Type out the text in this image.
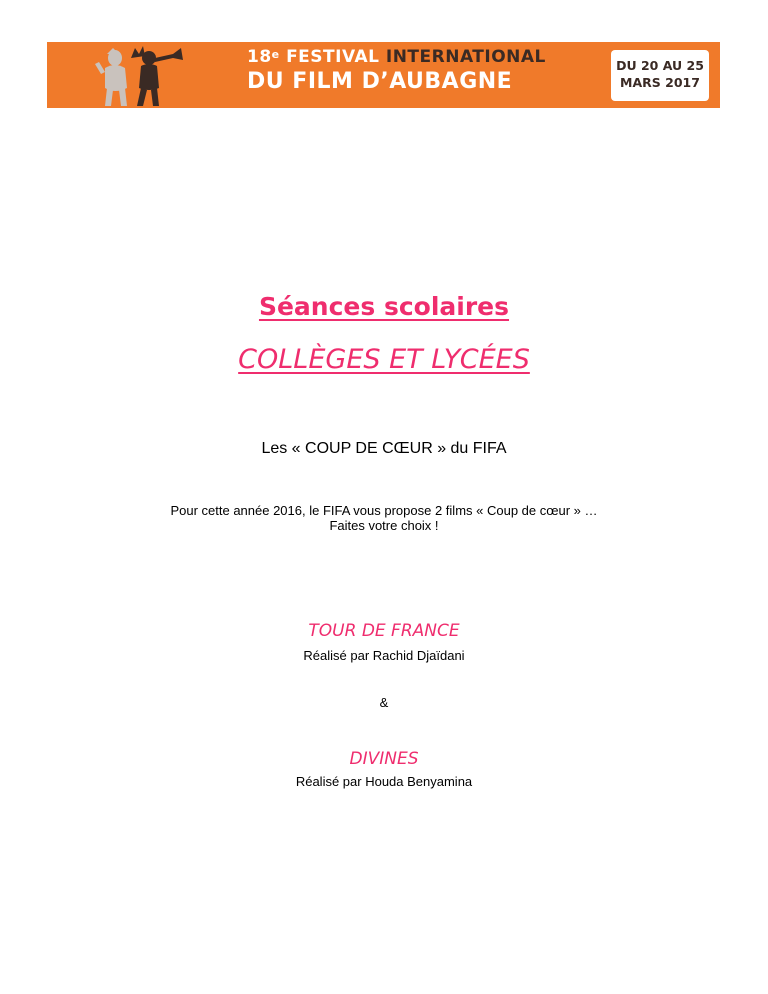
18e FESTIVAL INTERNATIONAL
DU FILM D’AUBAGNE
DU 20 AU 25
MARS 2017
Séances scolaires
COLLÈGES ET LYCÉES
Les « COUP DE CŒUR » du FIFA
Pour cette année 2016, le FIFA vous propose 2 films « Coup de cœur » …
Faites votre choix !
TOUR DE FRANCE
Réalisé par Rachid Djaïdani
&
DIVINES
Réalisé par Houda Benyamina
